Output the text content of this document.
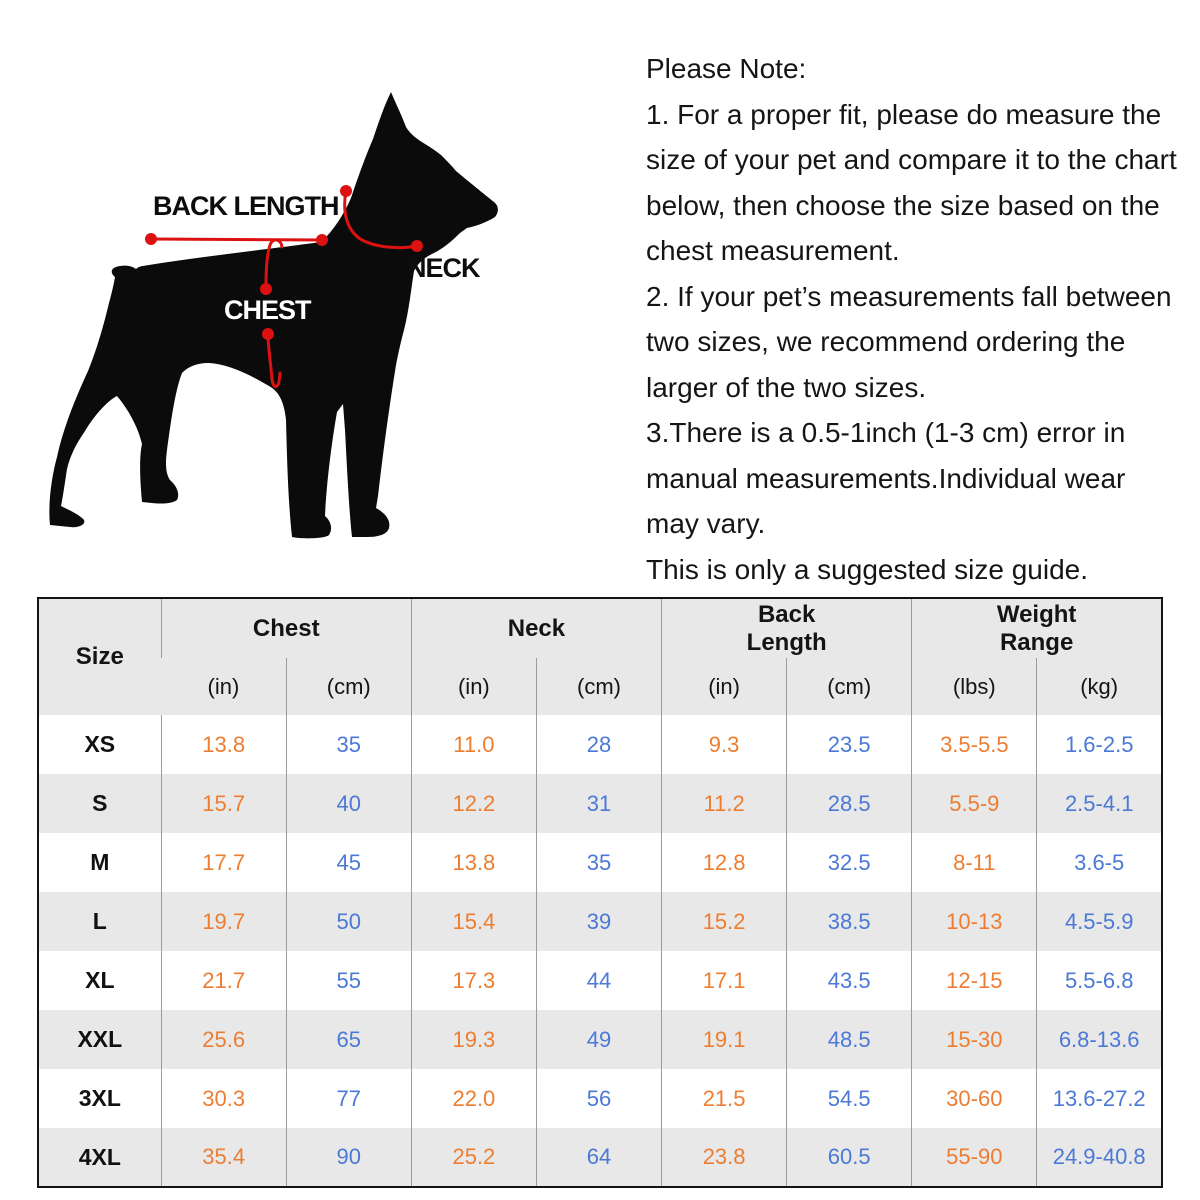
BACK LENGTH
NECK
CHEST
Please Note:
1. For a proper fit, please do measure the
size of your pet and compare it to the chart
below, then choose the size based on the
chest measurement.
2. If your pet’s measurements fall between
two sizes, we recommend ordering the
larger of the two sizes.
3.There is a 0.5-1inch (1-3 cm) error in
manual measurements.Individual wear
may vary.
This is only a suggested size guide.
Size	Chest		Neck		Back Length		Weight Range	

	(in)	(cm)	(in)	(cm)	(in)	(cm)	(lbs)	(kg)
XS	13.8	35	11.0	28	9.3	23.5	3.5-5.5	1.6-2.5
S	15.7	40	12.2	31	11.2	28.5	5.5-9	2.5-4.1
M	17.7	45	13.8	35	12.8	32.5	8-11	3.6-5
L	19.7	50	15.4	39	15.2	38.5	10-13	4.5-5.9
XL	21.7	55	17.3	44	17.1	43.5	12-15	5.5-6.8
XXL	25.6	65	19.3	49	19.1	48.5	15-30	6.8-13.6
3XL	30.3	77	22.0	56	21.5	54.5	30-60	13.6-27.2
4XL	35.4	90	25.2	64	23.8	60.5	55-90	24.9-40.8
